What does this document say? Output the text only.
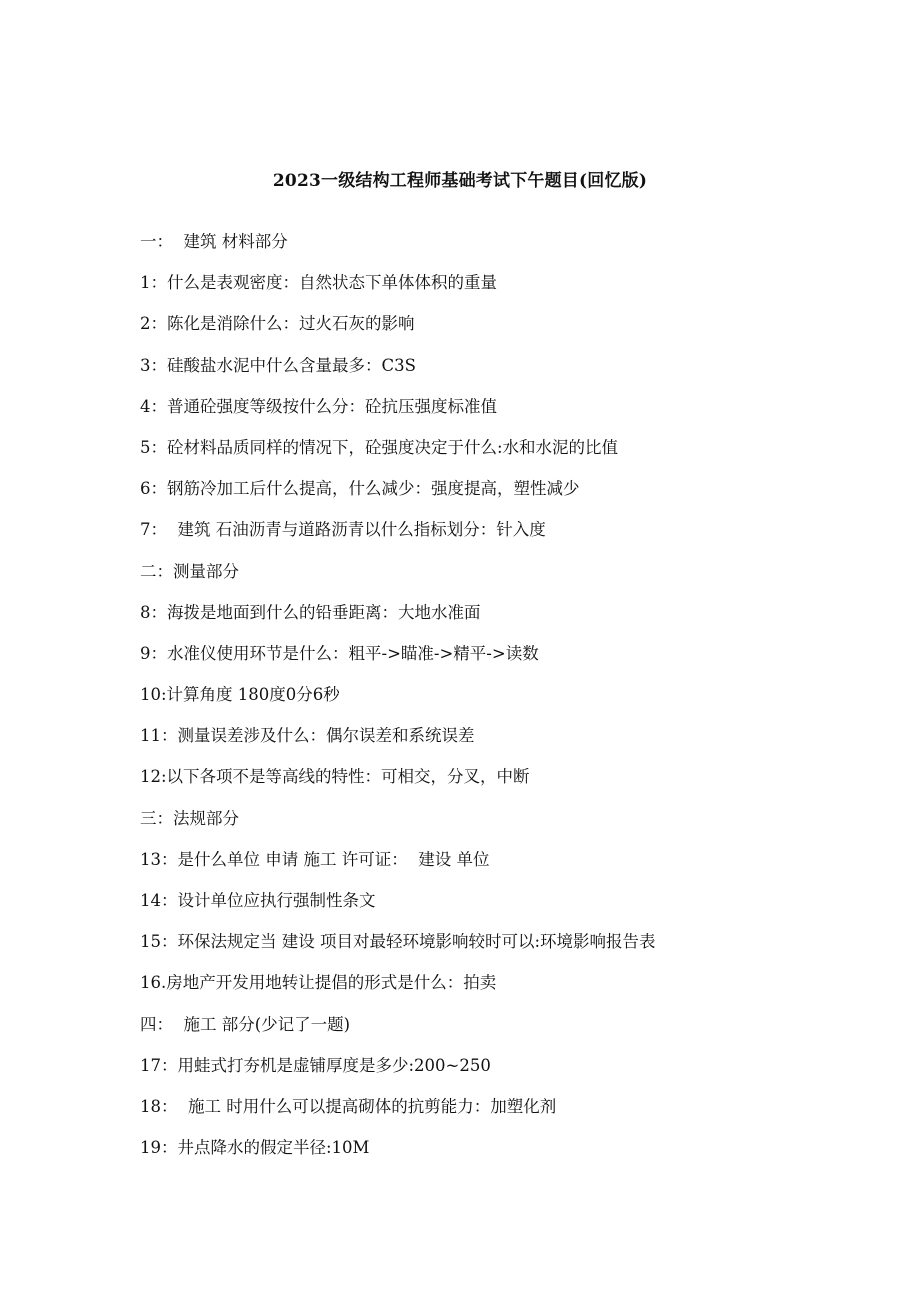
2023一级结构工程师基础考试下午题目(回忆版)
一：  建筑 材料部分
1：什么是表观密度：自然状态下单体体积的重量
2：陈化是消除什么：过火石灰的影响
3：硅酸盐水泥中什么含量最多：C3S
4：普通砼强度等级按什么分：砼抗压强度标准值
5：砼材料品质同样的情况下，砼强度决定于什么:水和水泥的比值
6：钢筋冷加工后什么提高，什么减少：强度提高，塑性减少
7：  建筑 石油沥青与道路沥青以什么指标划分：针入度
二：测量部分
8：海拨是地面到什么的铅垂距离：大地水准面
9：水准仪使用环节是什么：粗平->瞄准->精平->读数
10:计算角度 180度0分6秒
11：测量误差涉及什么：偶尔误差和系统误差
12:以下各项不是等高线的特性：可相交，分叉，中断
三：法规部分
13：是什么单位 申请 施工 许可证：  建设 单位
14：设计单位应执行强制性条文
15：环保法规定当 建设 项目对最轻环境影响较时可以:环境影响报告表
16.房地产开发用地转让提倡的形式是什么：拍卖
四：  施工 部分(少记了一题)
17：用蛙式打夯机是虚铺厚度是多少:200~250
18：  施工 时用什么可以提高砌体的抗剪能力：加塑化剂
19：井点降水的假定半径:10M
